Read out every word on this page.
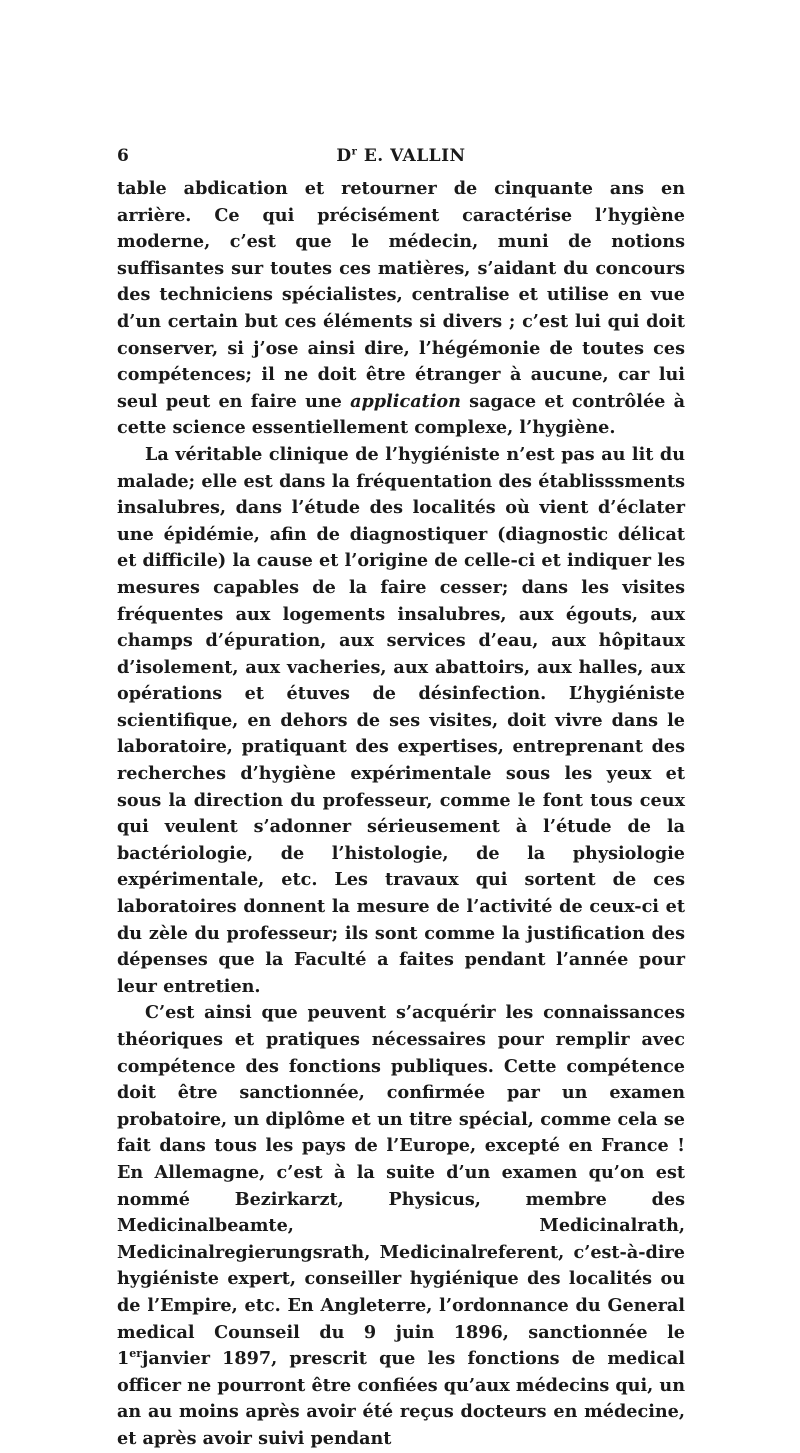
6	$D^r$ E. VALLIN

table abdication et retourner de cinquante ans en arrière. Ce qui précisément caractérise l’hygiène moderne, c’est que le médecin, muni de notions suffisantes sur toutes ces matières, s’aidant du concours des techniciens spécialistes, centralise et utilise en vue d’un certain but ces éléments si divers ; c’est lui qui doit conserver, si j’ose ainsi dire, l’hégémonie de toutes ces compétences; il ne doit être étranger à aucune, car lui seul peut en faire une application sagace et contrôlée à cette science essentiellement complexe, l’hygiène.

La véritable clinique de l’hygiéniste n’est pas au lit du malade; elle est dans la fréquentation des établisssments insalubres, dans l’étude des localités où vient d’éclater une épidémie, afin de diagnostiquer (diagnostic délicat et difficile) la cause et l’origine de celle-ci et indiquer les mesures capables de la faire cesser; dans les visites fréquentes aux logements insalubres, aux égouts, aux champs d’épuration, aux services d’eau, aux hôpitaux d’isolement, aux vacheries, aux abattoirs, aux halles, aux opérations et étuves de désinfection. L’hygiéniste scientifique, en dehors de ses visites, doit vivre dans le laboratoire, pratiquant des expertises, entreprenant des recherches d’hygiène expérimentale sous les yeux et sous la direction du professeur, comme le font tous ceux qui veulent s’adonner sérieusement à l’étude de la bactériologie, de l’histologie, de la physiologie expérimentale, etc. Les travaux qui sortent de ces laboratoires donnent la mesure de l’activité de ceux-ci et du zèle du professeur; ils sont comme la justification des dépenses que la Faculté a faites pendant l’année pour leur entretien.

C’est ainsi que peuvent s’acquérir les connaissances théoriques et pratiques nécessaires pour remplir avec compétence des fonctions publiques. Cette compétence doit être sanctionnée, confirmée par un examen probatoire, un diplôme et un titre spécial, comme cela se fait dans tous les pays de l’Europe, excepté en France ! En Allemagne, c’est à la suite d’un examen qu’on est nommé Bezirkarzt, Physicus, membre des Medicinalbeamte, Medicinalrath, Medicinalregierungsrath, Medicinalreferent, c’est-à-dire hygiéniste expert, conseiller hygiénique des localités ou de l’Empire, etc. En Angleterre, l’ordonnance du General medical Counseil du 9 juin 1896, sanctionnée le 1erjanvier 1897, prescrit que les fonctions de medical officer ne pourront être confiées qu’aux médecins qui, un an au moins après avoir été reçus docteurs en médecine, et après avoir suivi pendant
